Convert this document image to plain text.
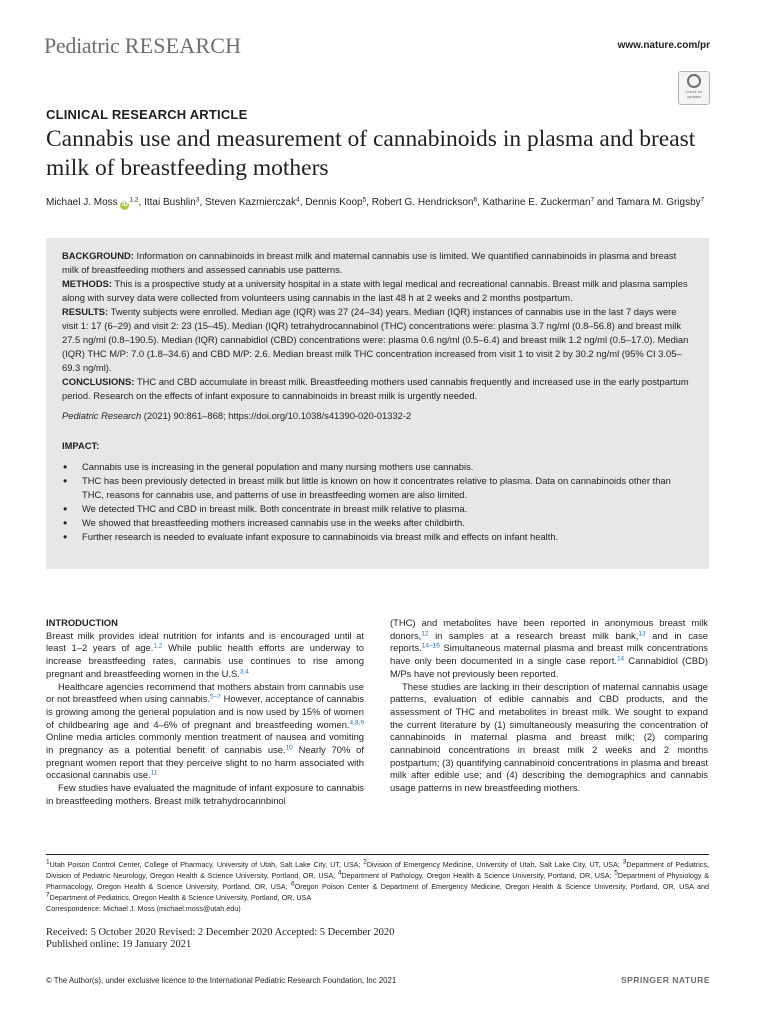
Pediatric RESEARCH	www.nature.com/pr
Check for updates
CLINICAL RESEARCH ARTICLE
Cannabis use and measurement of cannabinoids in plasma and breast milk of breastfeeding mothers
Michael J. Moss iD$^{1,2}$, Ittai Bushlin$^3$, Steven Kazmierczak$^4$, Dennis Koop$^5$, Robert G. Hendrickson$^6$, Katharine E. Zuckerman$^7$ and Tamara M. Grigsby$^7$

BACKGROUND: Information on cannabinoids in breast milk and maternal cannabis use is limited. We quantified cannabinoids in plasma and breast milk of breastfeeding mothers and assessed cannabis use patterns.

METHODS: This is a prospective study at a university hospital in a state with legal medical and recreational cannabis. Breast milk and plasma samples along with survey data were collected from volunteers using cannabis in the last 48 h at 2 weeks and 2 months postpartum.

RESULTS: Twenty subjects were enrolled. Median age (IQR) was 27 (24–34) years. Median (IQR) instances of cannabis use in the last 7 days were visit 1: 17 (6–29) and visit 2: 23 (15–45). Median (IQR) tetrahydrocannabinol (THC) concentrations were: plasma 3.7 ng/ml (0.8–56.8) and breast milk 27.5 ng/ml (0.8–190.5). Median (IQR) cannabidiol (CBD) concentrations were: plasma 0.6 ng/ml (0.5–6.4) and breast milk 1.2 ng/ml (0.5–17.0). Median (IQR) THC M/P: 7.0 (1.8–34.6) and CBD M/P: 2.6. Median breast milk THC concentration increased from visit 1 to visit 2 by 30.2 ng/ml (95% CI 3.05–69.3 ng/ml).

CONCLUSIONS: THC and CBD accumulate in breast milk. Breastfeeding mothers used cannabis frequently and increased use in the early postpartum period. Research on the effects of infant exposure to cannabinoids in breast milk is urgently needed.

Pediatric Research (2021) 90:861–868; https://doi.org/10.1038/s41390-020-01332-2

IMPACT:

• Cannabis use is increasing in the general population and many nursing mothers use cannabis.
• THC has been previously detected in breast milk but little is known on how it concentrates relative to plasma. Data on cannabinoids other than THC, reasons for cannabis use, and patterns of use in breastfeeding women are also limited.
• We detected THC and CBD in breast milk. Both concentrate in breast milk relative to plasma.
• We showed that breastfeeding mothers increased cannabis use in the weeks after childbirth.
• Further research is needed to evaluate infant exposure to cannabinoids via breast milk and effects on infant health.

INTRODUCTION

Breast milk provides ideal nutrition for infants and is encouraged until at least 1–2 years of age.$^{1,2}$ While public health efforts are underway to increase breastfeeding rates, cannabis use continues to rise among pregnant and breastfeeding women in the U.S.$^{3,4}$

Healthcare agencies recommend that mothers abstain from cannabis use or not breastfeed when using cannabis.$^{5-7}$ However, acceptance of cannabis is growing among the general population and is now used by 15% of women of childbearing age and 4–6% of pregnant and breastfeeding women.$^{4,8,9}$ Online media articles commonly mention treatment of nausea and vomiting in pregnancy as a potential benefit of cannabis use.$^{10}$ Nearly 70% of pregnant women report that they perceive slight to no harm associated with occasional cannabis use.$^{11}$

Few studies have evaluated the magnitude of infant exposure to cannabis in breastfeeding mothers. Breast milk tetrahydrocannbinol

(THC) and metabolites have been reported in anonymous breast milk donors,$^{12}$ in samples at a research breast milk bank,$^{13}$ and in case reports.$^{14-16}$ Simultaneous maternal plasma and breast milk concentrations have only been documented in a single case report.$^{14}$ Cannabidiol (CBD) M/Ps have not previously been reported.

These studies are lacking in their description of maternal cannabis usage patterns, evaluation of edible cannabis and CBD products, and the assessment of THC and metabolites in breast milk. We sought to expand the current literature by (1) simultaneously measuring the concentration of cannabinoids in maternal plasma and breast milk; (2) comparing cannabinoid concentrations in breast milk 2 weeks and 2 months postpartum; (3) quantifying cannabinoid concentrations in plasma and breast milk after edible use; and (4) describing the demographics and cannabis usage patterns in new breastfeeding mothers.

$^1$Utah Poison Control Center, College of Pharmacy, University of Utah, Salt Lake City, UT, USA; $^2$Division of Emergency Medicine, University of Utah, Salt Lake City, UT, USA; $^3$Department of Pediatrics, Division of Pediatric Neurology, Oregon Health & Science University, Portland, OR, USA; $^4$Department of Pathology, Oregon Health & Science University, Portland, OR, USA; $^5$Department of Physiology & Pharmacology, Oregon Health & Science University, Portland, OR, USA; $^6$Oregon Poison Center & Department of Emergency Medicine, Oregon Health & Science University, Portland, OR, USA and $^7$Department of Pediatrics, Oregon Health & Science University, Portland, OR, USA

Correspondence: Michael J. Moss (michael.moss@utah.edu)

Received: 5 October 2020 Revised: 2 December 2020 Accepted: 5 December 2020

Published online: 19 January 2021

© The Author(s), under exclusive licence to the International Pediatric Research Foundation, Inc 2021	SPRINGER NATURE
